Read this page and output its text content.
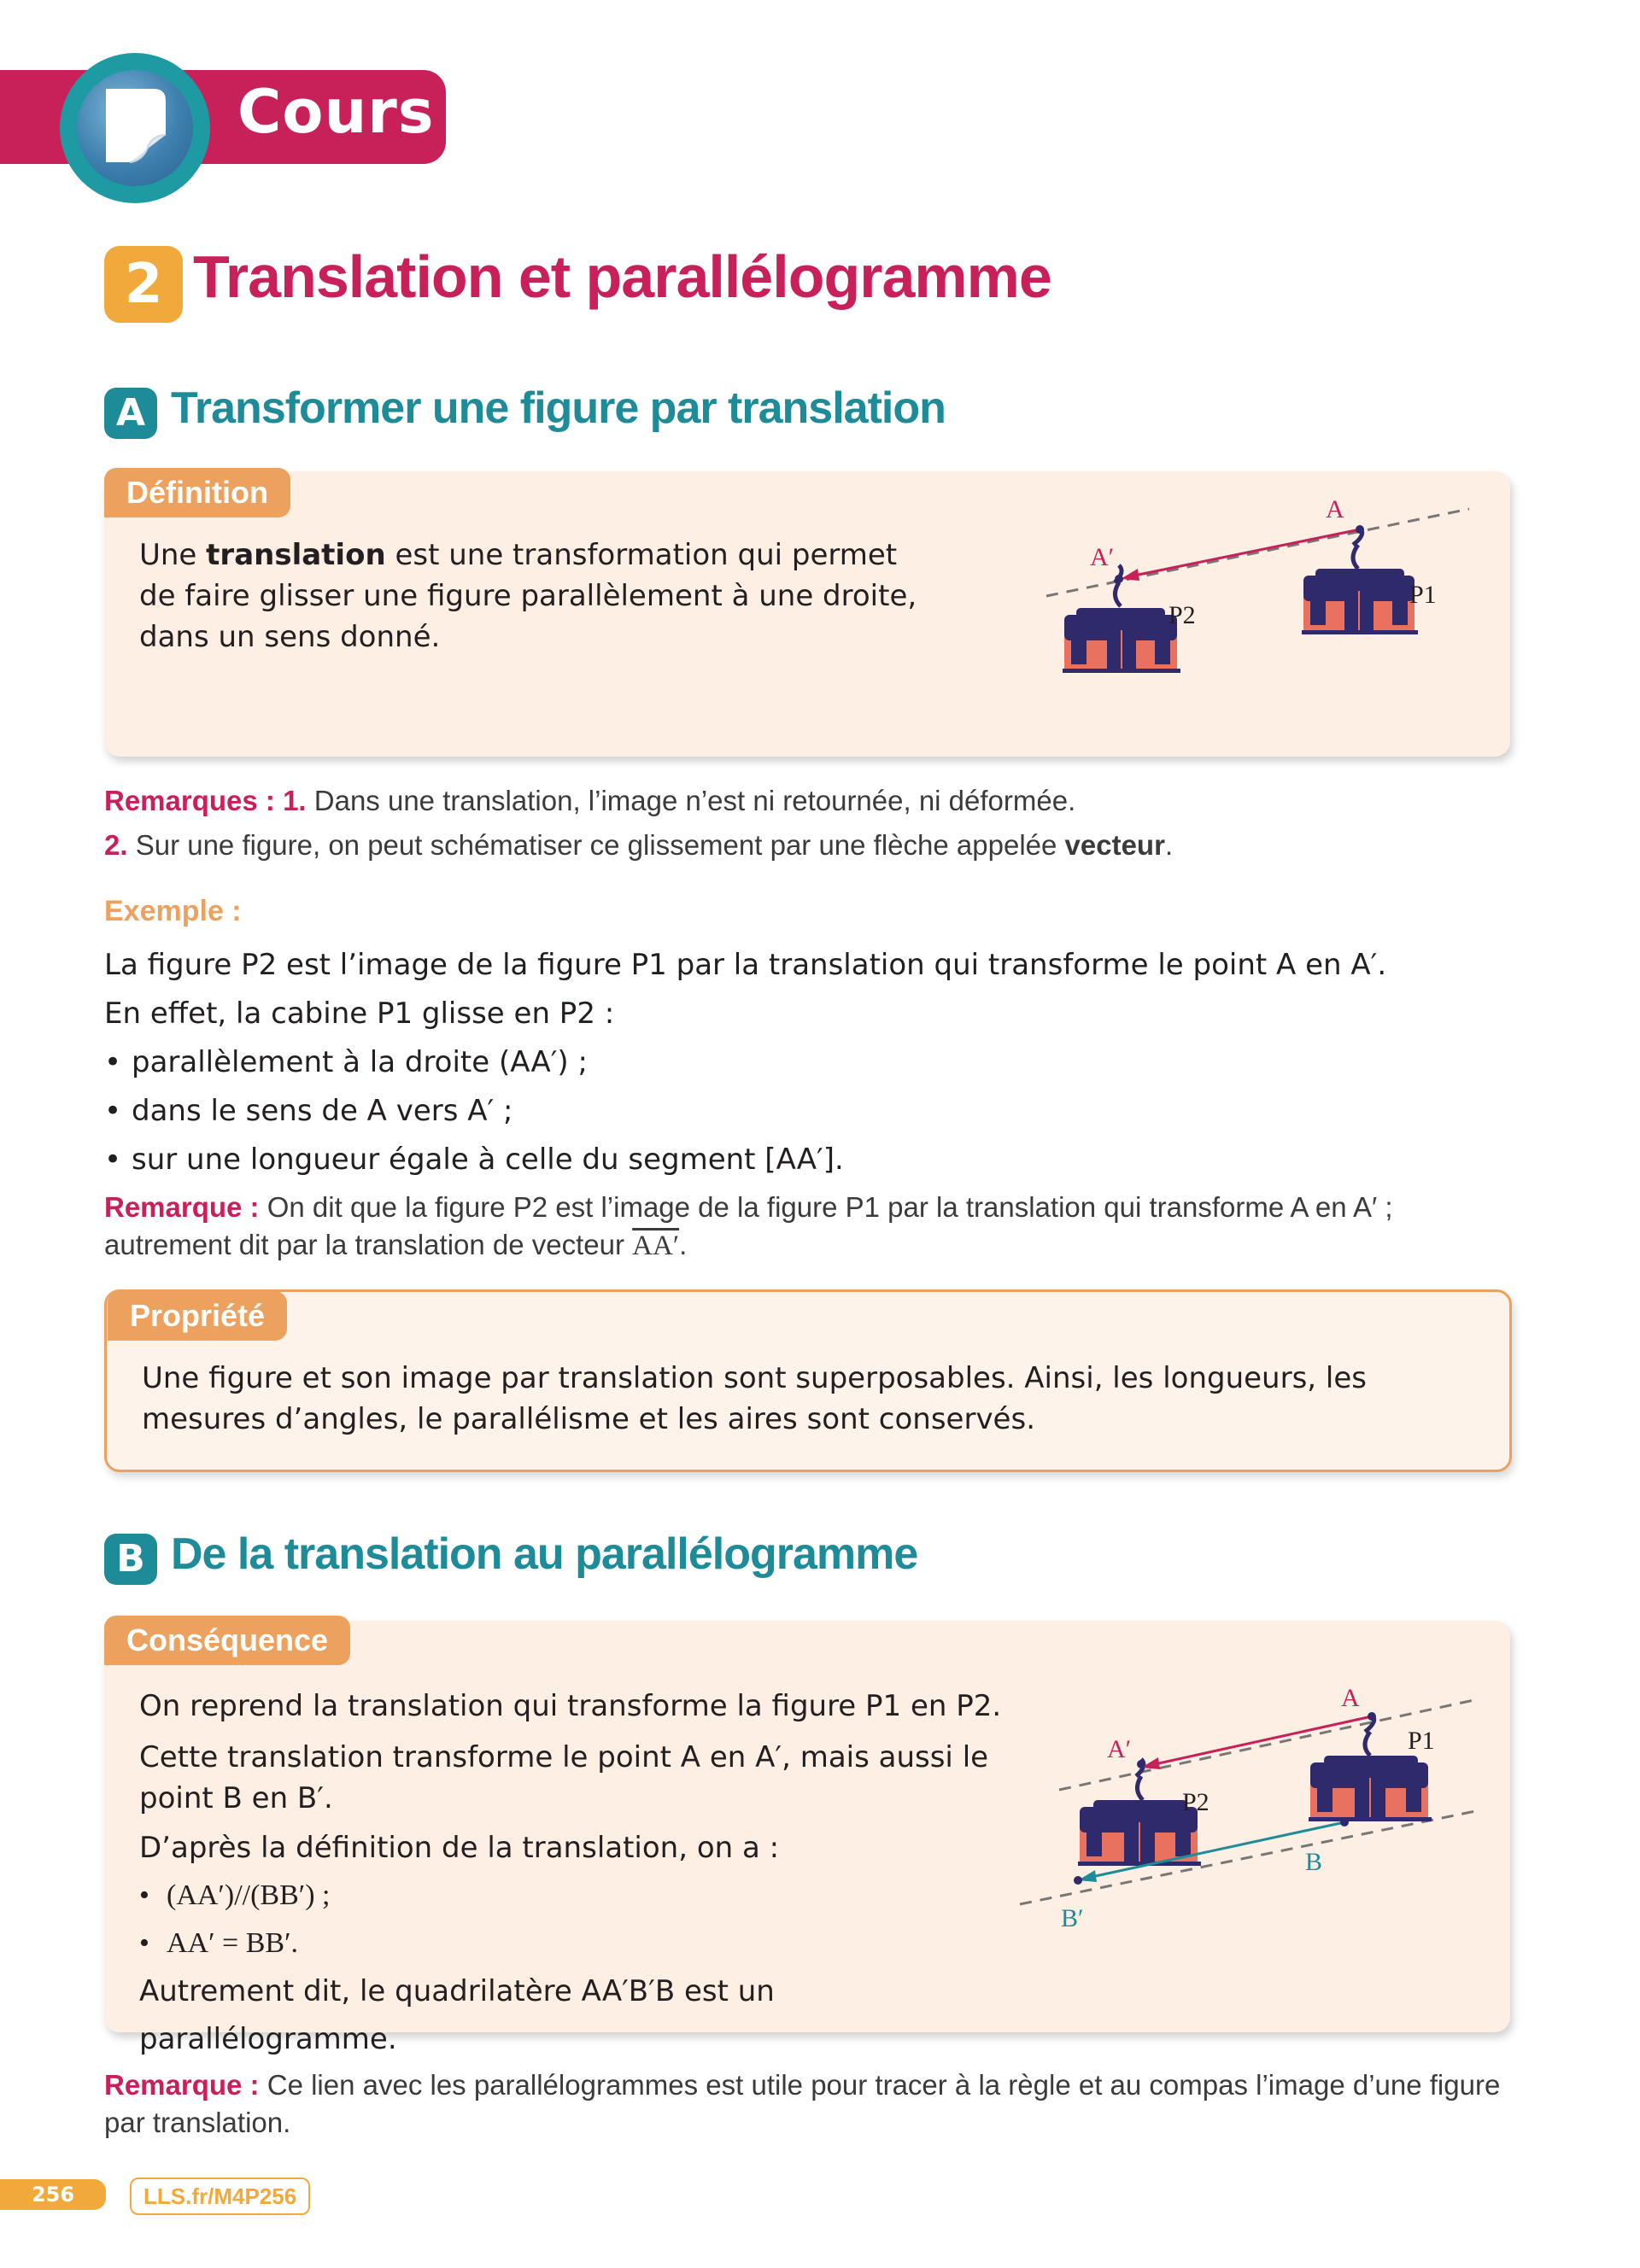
Cours
2 Translation et parallélogramme
A Transformer une figure par translation
Définition
Une translation est une transformation qui permet de faire glisser une figure parallèlement à une droite, dans un sens donné.
A
A′
P1
P2
Remarques : 1. Dans une translation, l’image n’est ni retournée, ni déformée.
2. Sur une figure, on peut schématiser ce glissement par une flèche appelée vecteur.
Exemple :
La figure P2 est l’image de la figure P1 par la translation qui transforme le point A en A′.
En effet, la cabine P1 glisse en P2 :
• parallèlement à la droite (AA′) ;
• dans le sens de A vers A′ ;
• sur une longueur égale à celle du segment [AA′].
Remarque : On dit que la figure P2 est l’image de la figure P1 par la translation qui transforme A en A′ ; autrement dit par la translation de vecteur AA′.
Propriété
Une figure et son image par translation sont superposables. Ainsi, les longueurs, les mesures d’angles, le parallélisme et les aires sont conservés.
B De la translation au parallélogramme
Conséquence
On reprend la translation qui transforme la figure P1 en P2.
Cette translation transforme le point A en A′, mais aussi le point B en B′.
D’après la définition de la translation, on a :
• (AA′)//(BB′) ;
• AA′ = BB′.
Autrement dit, le quadrilatère AA′B′B est un parallélogramme.
A
A′	P1
P2
B
B′
Remarque : Ce lien avec les parallélogrammes est utile pour tracer à la règle et au compas l’image d’une figure par translation.
256	LLS.fr/M4P256
